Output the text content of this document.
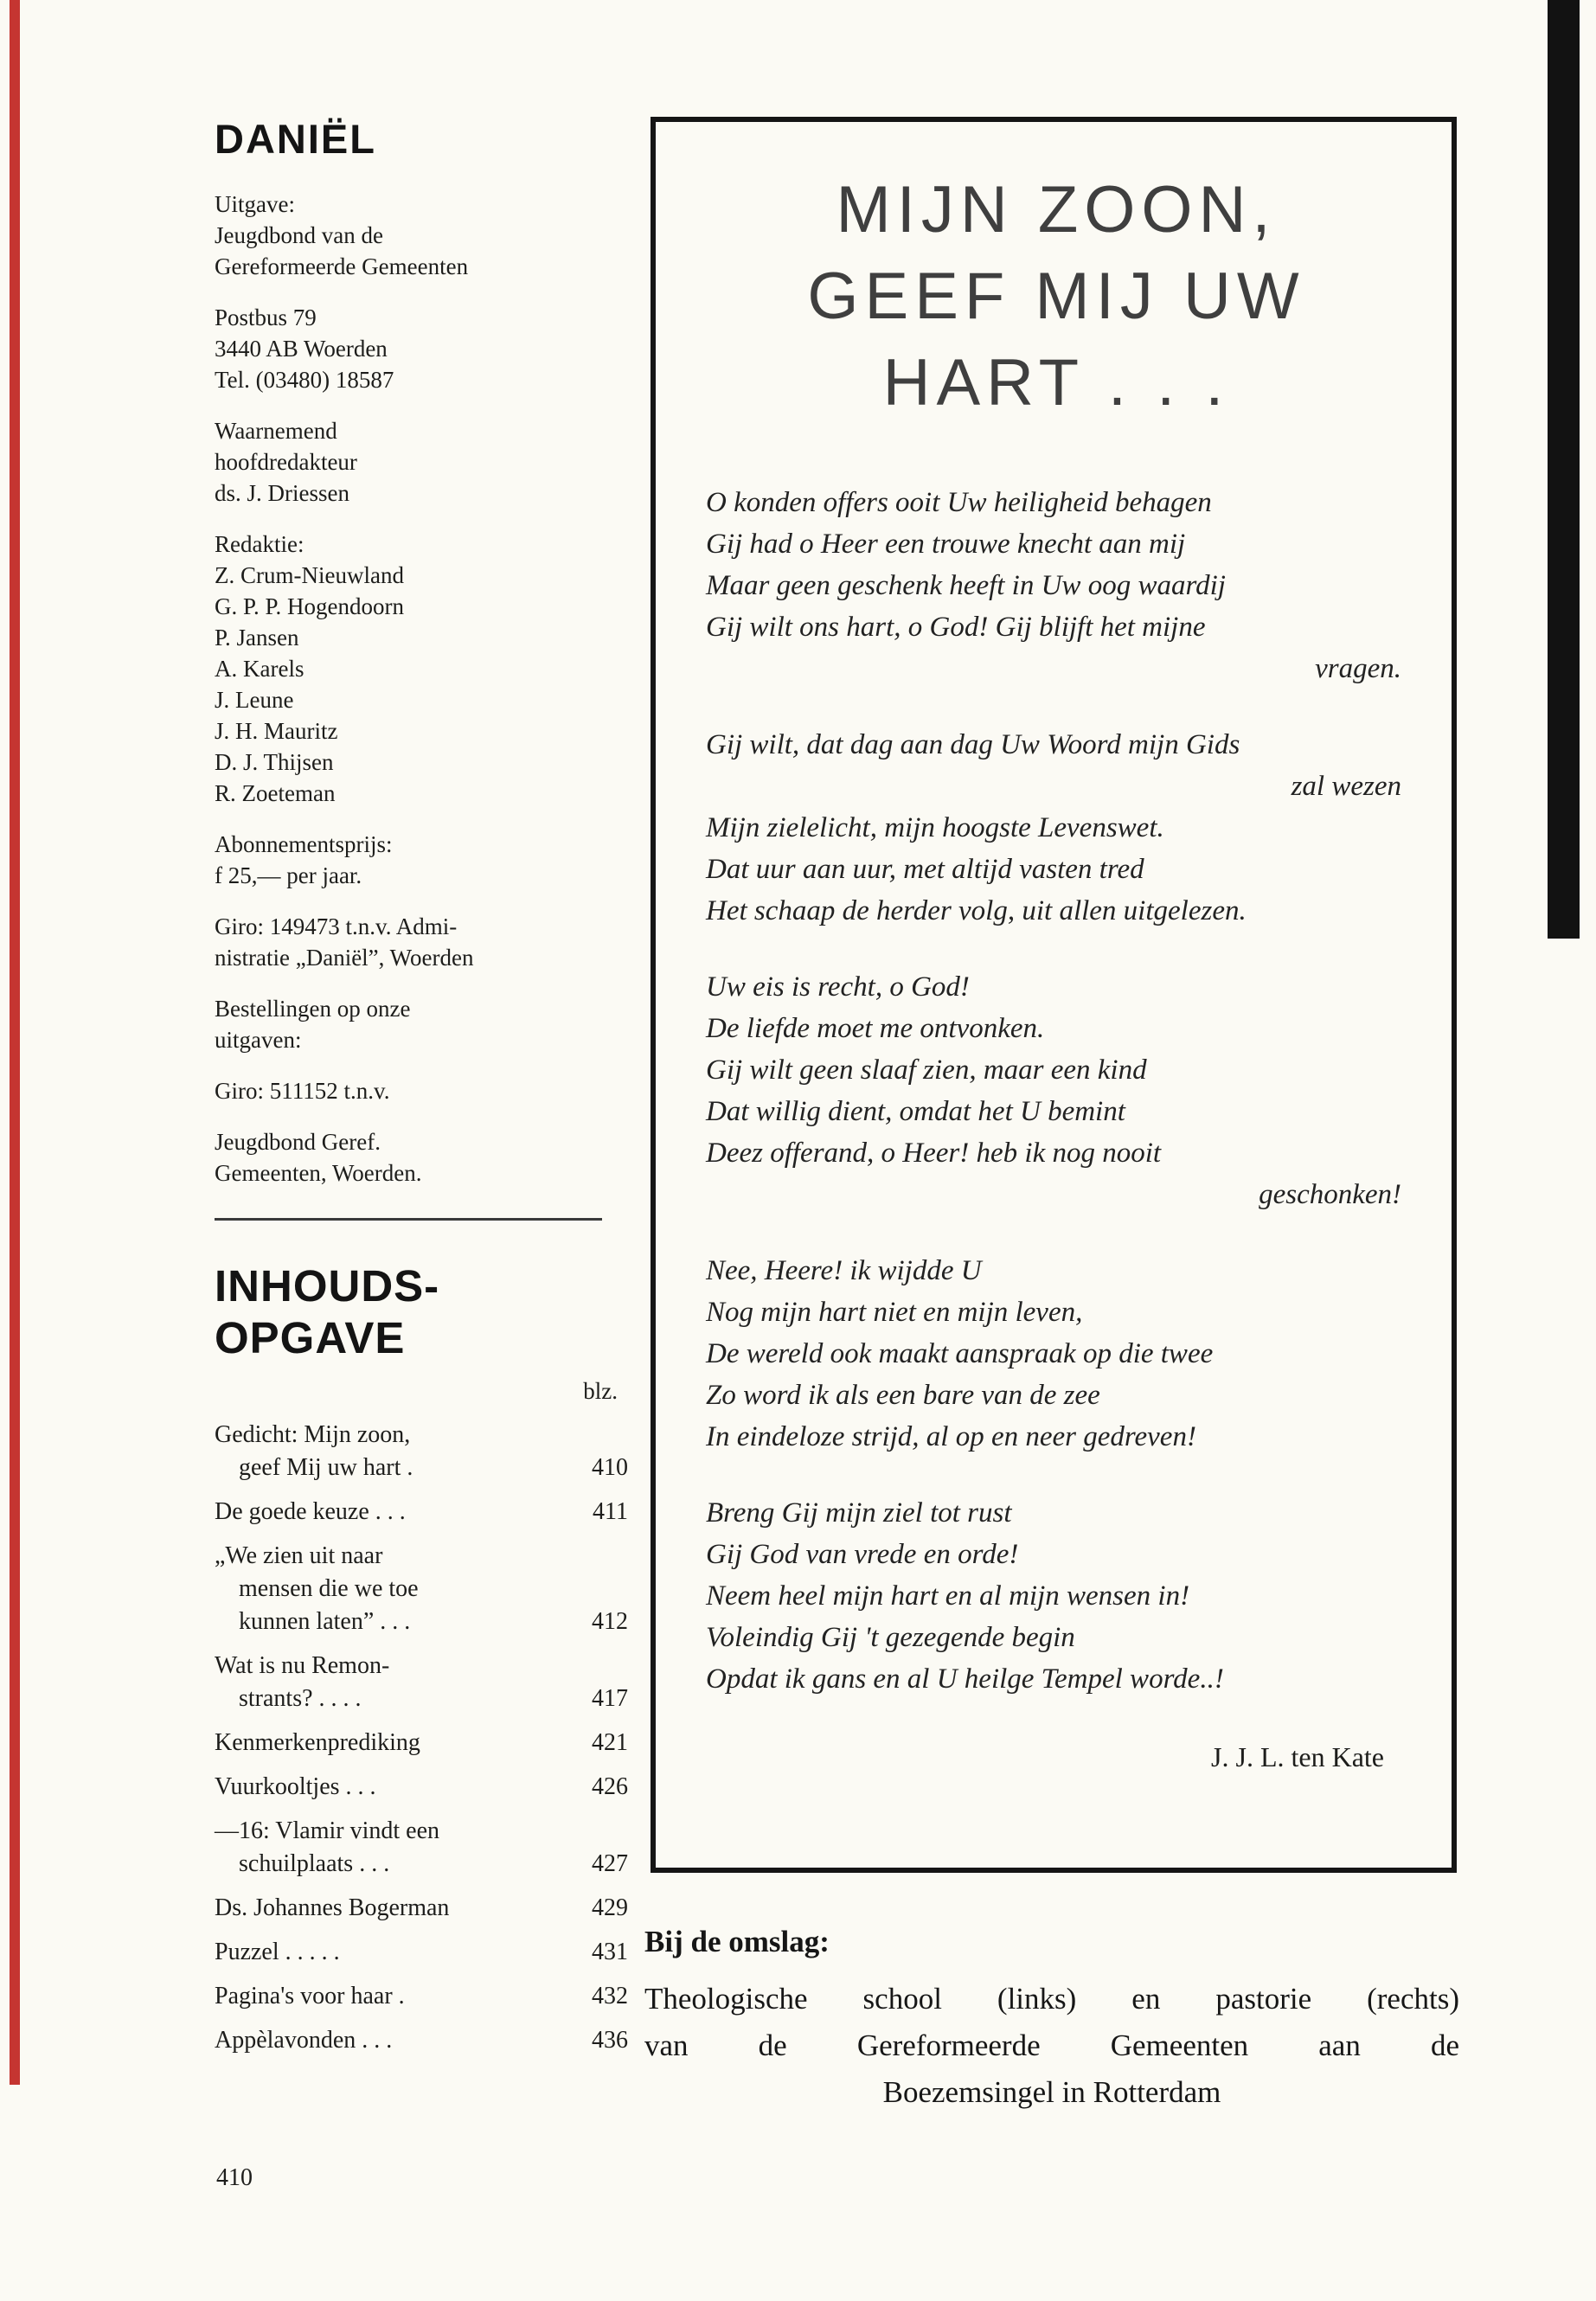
DANIËL
Uitgave:
Jeugdbond van de
Gereformeerde Gemeenten
Postbus 79
3440 AB Woerden
Tel. (03480) 18587
Waarnemend
hoofdredakteur
ds. J. Driessen
Redaktie:
Z. Crum-Nieuwland
G. P. P. Hogendoorn
P. Jansen
A. Karels
J. Leune
J. H. Mauritz
D. J. Thijsen
R. Zoeteman
Abonnementsprijs:
f 25,— per jaar.
Giro: 149473 t.n.v. Admi-
nistratie „Daniël”, Woerden
Bestellingen op onze
uitgaven:
Giro: 511152 t.n.v.
Jeugdbond Geref.
Gemeenten, Woerden.
INHOUDS-
OPGAVE
blz.
Gedicht: Mijn zoon,
geef Mij uw hart .	410
De goede keuze . . .	411
„We zien uit naar
mensen die we toe
kunnen laten” . . .	412
Wat is nu Remon-
strants? . . . .	417
Kenmerkenprediking	421
Vuurkooltjes . . .	426
—16: Vlamir vindt een
schuilplaats . . .	427
Ds. Johannes Bogerman	429
Puzzel . . . . .	431
Pagina's voor haar .	432
Appèlavonden . . .	436
410
MIJN ZOON,
GEEF MIJ UW
HART . . .
O konden offers ooit Uw heiligheid behagen
Gij had o Heer een trouwe knecht aan mij
Maar geen geschenk heeft in Uw oog waardij
Gij wilt ons hart, o God! Gij blijft het mijne
vragen.
Gij wilt, dat dag aan dag Uw Woord mijn Gids
zal wezen
Mijn zielelicht, mijn hoogste Levenswet.
Dat uur aan uur, met altijd vasten tred
Het schaap de herder volg, uit allen uitgelezen.
Uw eis is recht, o God!
De liefde moet me ontvonken.
Gij wilt geen slaaf zien, maar een kind
Dat willig dient, omdat het U bemint
Deez offerand, o Heer! heb ik nog nooit
geschonken!
Nee, Heere! ik wijdde U
Nog mijn hart niet en mijn leven,
De wereld ook maakt aanspraak op die twee
Zo word ik als een bare van de zee
In eindeloze strijd, al op en neer gedreven!
Breng Gij mijn ziel tot rust
Gij God van vrede en orde!
Neem heel mijn hart en al mijn wensen in!
Voleindig Gij 't gezegende begin
Opdat ik gans en al U heilge Tempel worde..!
J. J. L. ten Kate
Bij de omslag:
Theologische school (links) en pastorie (rechts)
van de Gereformeerde Gemeenten aan de
Boezemsingel in Rotterdam
